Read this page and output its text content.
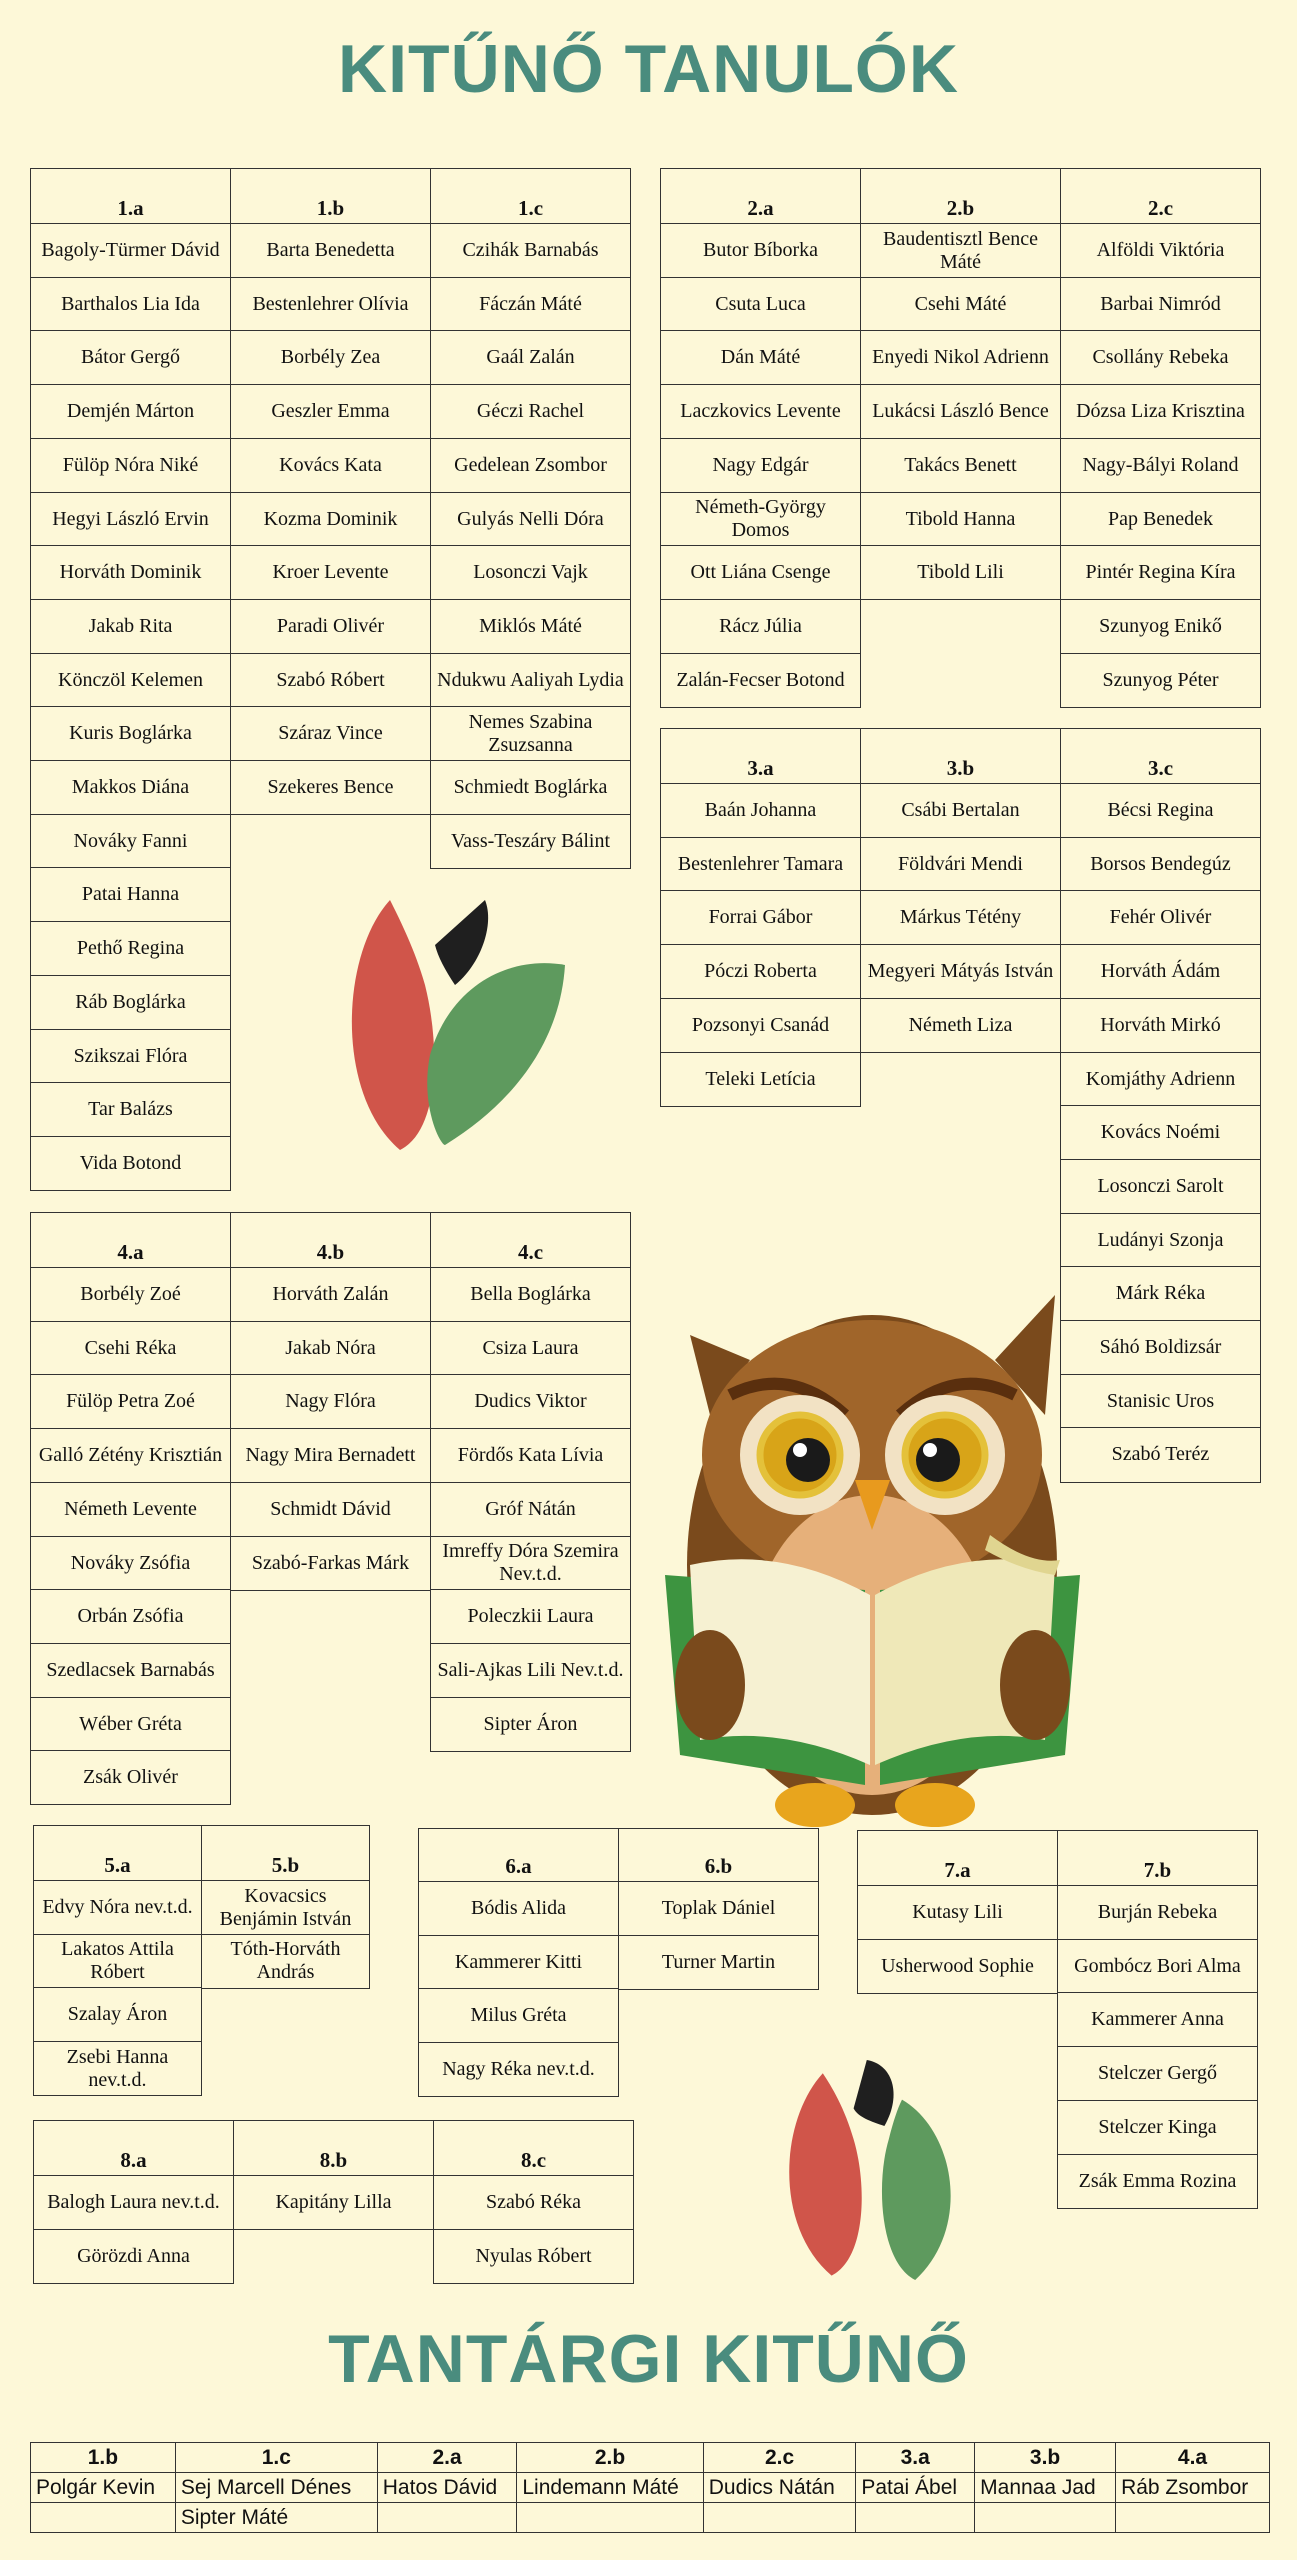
KITŰNŐ TANULÓK
1.a
Bagoly-Türmer Dávid
Barthalos Lia Ida
Bátor Gergő
Demjén Márton
Fülöp Nóra Niké
Hegyi László Ervin
Horváth Dominik
Jakab Rita
Könczöl Kelemen
Kuris Boglárka
Makkos Diána
Nováky Fanni
Patai Hanna
Pethő Regina
Ráb Boglárka
Szikszai Flóra
Tar Balázs
Vida Botond
1.b
Barta Benedetta
Bestenlehrer Olívia
Borbély Zea
Geszler Emma
Kovács Kata
Kozma Dominik
Kroer Levente
Paradi Olivér
Szabó Róbert
Száraz Vince
Szekeres Bence
1.c
Czihák Barnabás
Fáczán Máté
Gaál Zalán
Géczi Rachel
Gedelean Zsombor
Gulyás Nelli Dóra
Losonczi Vajk
Miklós Máté
Ndukwu Aaliyah Lydia
Nemes Szabina Zsuzsanna
Schmiedt Boglárka
Vass-Teszáry Bálint
2.a
Butor Bíborka
Csuta Luca
Dán Máté
Laczkovics Levente
Nagy Edgár
Németh-György Domos
Ott Liána Csenge
Rácz Júlia
Zalán-Fecser Botond
2.b
Baudentisztl Bence Máté
Csehi Máté
Enyedi Nikol Adrienn
Lukácsi László Bence
Takács Benett
Tibold Hanna
Tibold Lili
2.c
Alföldi Viktória
Barbai Nimród
Csollány Rebeka
Dózsa Liza Krisztina
Nagy-Bályi Roland
Pap Benedek
Pintér Regina Kíra
Szunyog Enikő
Szunyog Péter
3.a
Baán Johanna
Bestenlehrer Tamara
Forrai Gábor
Póczi Roberta
Pozsonyi Csanád
Teleki Letícia
3.b
Csábi Bertalan
Földvári Mendi
Márkus Tétény
Megyeri Mátyás István
Németh Liza
3.c
Bécsi Regina
Borsos Bendegúz
Fehér Olivér
Horváth Ádám
Horváth Mirkó
Komjáthy Adrienn
Kovács Noémi
Losonczi Sarolt
Ludányi Szonja
Márk Réka
Sáhó Boldizsár
Stanisic Uros
Szabó Teréz
4.a
Borbély Zoé
Csehi Réka
Fülöp Petra Zoé
Galló Zétény Krisztián
Németh Levente
Nováky Zsófia
Orbán Zsófia
Szedlacsek Barnabás
Wéber Gréta
Zsák Olivér
4.b
Horváth Zalán
Jakab Nóra
Nagy Flóra
Nagy Mira Bernadett
Schmidt Dávid
Szabó-Farkas Márk
4.c
Bella Boglárka
Csiza Laura
Dudics Viktor
Fördős Kata Lívia
Gróf Nátán
Imreffy Dóra Szemira Nev.t.d.
Poleczkii Laura
Sali-Ajkas Lili Nev.t.d.
Sipter Áron
5.a
Edvy Nóra nev.t.d.
Lakatos Attila Róbert
Szalay Áron
Zsebi Hanna nev.t.d.
5.b
Kovacsics Benjámin István
Tóth-Horváth András
6.a
Bódis Alida
Kammerer Kitti
Milus Gréta
Nagy Réka nev.t.d.
6.b
Toplak Dániel
Turner Martin
7.a
Kutasy Lili
Usherwood Sophie
7.b
Burján Rebeka
Gombócz Bori Alma
Kammerer Anna
Stelczer Gergő
Stelczer Kinga
Zsák Emma Rozina
8.a
Balogh Laura nev.t.d.
Görözdi Anna
8.b
Kapitány Lilla
8.c
Szabó Réka
Nyulas Róbert
TANTÁRGI KITŰNŐ
1.b	1.c	2.a	2.b	2.c	3.a	3.b	4.a
Polgár Kevin	Sej Marcell Dénes	Hatos Dávid	Lindemann Máté	Dudics Nátán	Patai Ábel	Mannaa Jad	Ráb Zsombor
	Sipter Máté						
